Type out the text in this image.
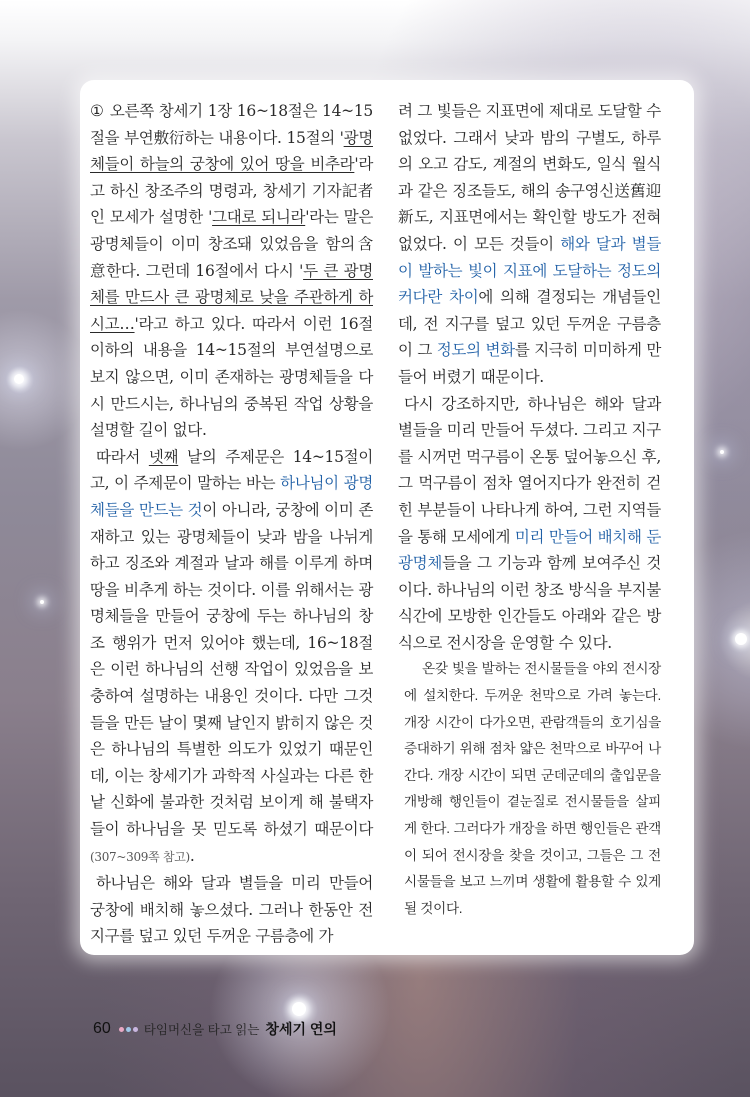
① 오른쪽 창세기 1장 16~18절은 14~15절을 부연敷衍하는 내용이다. 15절의 '광명체들이 하늘의 궁창에 있어 땅을 비추라'라고 하신 창조주의 명령과, 창세기 기자記者인 모세가 설명한 '그대로 되니라'라는 말은 광명체들이 이미 창조돼 있었음을 함의含意한다. 그런데 16절에서 다시 '두 큰 광명체를 만드사 큰 광명체로 낮을 주관하게 하시고…'라고 하고 있다. 따라서 이런 16절 이하의 내용을 14~15절의 부연설명으로 보지 않으면, 이미 존재하는 광명체들을 다시 만드시는, 하나님의 중복된 작업 상황을 설명할 길이 없다.

따라서 넷째 날의 주제문은 14~15절이고, 이 주제문이 말하는 바는 하나님이 광명체들을 만드는 것이 아니라, 궁창에 이미 존재하고 있는 광명체들이 낮과 밤을 나뉘게 하고 징조와 계절과 날과 해를 이루게 하며 땅을 비추게 하는 것이다. 이를 위해서는 광명체들을 만들어 궁창에 두는 하나님의 창조 행위가 먼저 있어야 했는데, 16~18절은 이런 하나님의 선행 작업이 있었음을 보충하여 설명하는 내용인 것이다. 다만 그것들을 만든 날이 몇째 날인지 밝히지 않은 것은 하나님의 특별한 의도가 있었기 때문인데, 이는 창세기가 과학적 사실과는 다른 한낱 신화에 불과한 것처럼 보이게 해 불택자들이 하나님을 못 믿도록 하셨기 때문이다(307~309쪽 참고).

하나님은 해와 달과 별들을 미리 만들어 궁창에 배치해 놓으셨다. 그러나 한동안 전 지구를 덮고 있던 두꺼운 구름층에 가

려 그 빛들은 지표면에 제대로 도달할 수 없었다. 그래서 낮과 밤의 구별도, 하루의 오고 감도, 계절의 변화도, 일식 월식과 같은 징조들도, 해의 송구영신送舊迎新도, 지표면에서는 확인할 방도가 전혀 없었다. 이 모든 것들이 해와 달과 별들이 발하는 빛이 지표에 도달하는 정도의 커다란 차이에 의해 결정되는 개념들인데, 전 지구를 덮고 있던 두꺼운 구름층이 그 정도의 변화를 지극히 미미하게 만들어 버렸기 때문이다.

다시 강조하지만, 하나님은 해와 달과 별들을 미리 만들어 두셨다. 그리고 지구를 시꺼먼 먹구름이 온통 덮어놓으신 후, 그 먹구름이 점차 열어지다가 완전히 걷힌 부분들이 나타나게 하여, 그런 지역들을 통해 모세에게 미리 만들어 배치해 둔 광명체들을 그 기능과 함께 보여주신 것이다. 하나님의 이런 창조 방식을 부지불식간에 모방한 인간들도 아래와 같은 방식으로 전시장을 운영할 수 있다.

온갖 빛을 발하는 전시물들을 야외 전시장에 설치한다. 두꺼운 천막으로 가려 놓는다. 개장 시간이 다가오면, 관람객들의 호기심을 증대하기 위해 점차 얇은 천막으로 바꾸어 나간다. 개장 시간이 되면 군데군데의 출입문을 개방해 행인들이 곁눈질로 전시물들을 살피게 한다. 그러다가 개장을 하면 행인들은 관객이 되어 전시장을 찾을 것이고, 그들은 그 전시물들을 보고 느끼며 생활에 활용할 수 있게 될 것이다.

60	타임머신을 타고 읽는 창세기 연의
